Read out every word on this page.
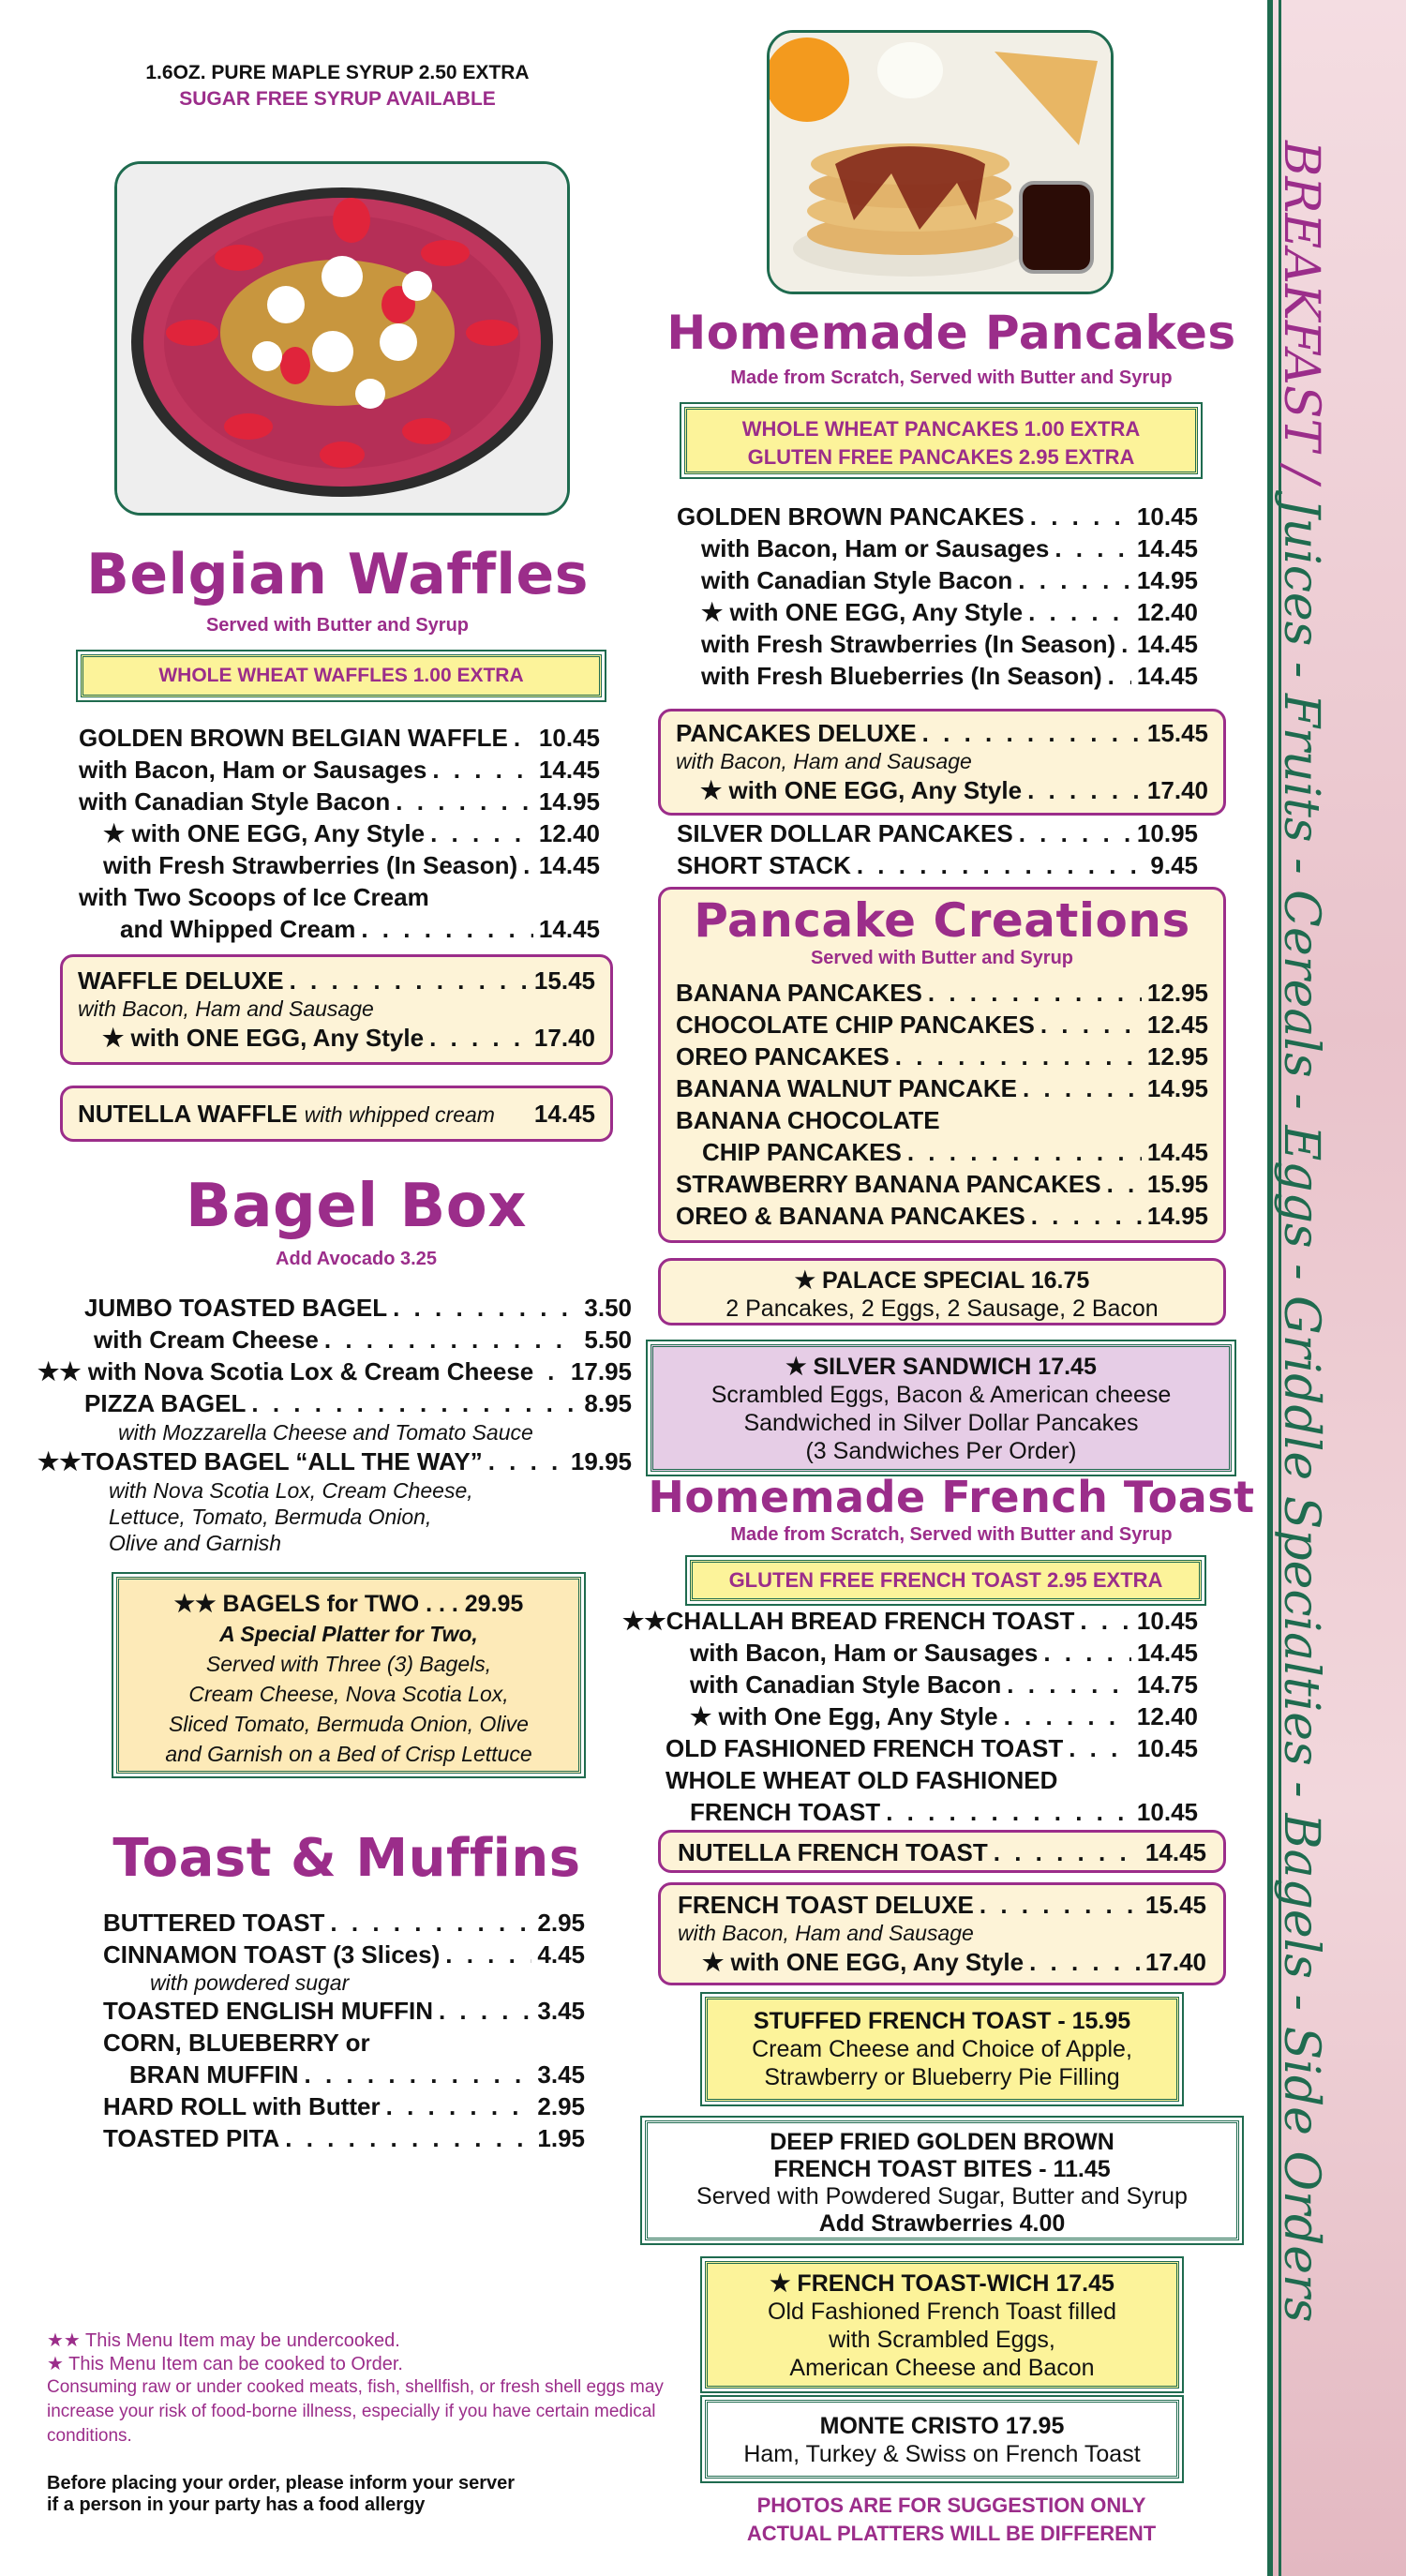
BREAKFAST / Juices - Fruits - Cereals - Eggs - Griddle Specialties - Bagels - Side Orders
1.6OZ. PURE MAPLE SYRUP 2.50 EXTRA
SUGAR FREE SYRUP AVAILABLE
Belgian Waffles
Served with Butter and Syrup
WHOLE WHEAT WAFFLES 1.00 EXTRA
GOLDEN BROWN BELGIAN WAFFLE . . . 10.45
with Bacon, Ham or Sausages . . .	14.45
with Canadian Style Bacon . . .	14.95
★ with ONE EGG, Any Style . . .	12.40
with Fresh Strawberries (In Season) . . . 14.45
with Two Scoops of Ice Cream
and Whipped Cream . . .	14.45
WAFFLE DELUXE . . .	15.45
with Bacon, Ham and Sausage
★ with ONE EGG, Any Style . . .	17.40
NUTELLA WAFFLE with whipped cream 14.45
Bagel Box
Add Avocado 3.25
JUMBO TOASTED BAGEL . . .	3.50
with Cream Cheese . . .	5.50
★★ with Nova Scotia Lox & Cream Cheese . . . 17.95
PIZZA BAGEL . . .	8.95
with Mozzarella Cheese and Tomato Sauce
★★TOASTED BAGEL “ALL THE WAY” . . .	19.95
with Nova Scotia Lox, Cream Cheese,
Lettuce, Tomato, Bermuda Onion,
Olive and Garnish
★★ BAGELS for TWO . . . 29.95
A Special Platter for Two,
Served with Three (3) Bagels,
Cream Cheese, Nova Scotia Lox,
Sliced Tomato, Bermuda Onion, Olive
and Garnish on a Bed of Crisp Lettuce
Toast & Muffins
BUTTERED TOAST . . .	2.95
CINNAMON TOAST (3 Slices) . . .	4.45
with powdered sugar
TOASTED ENGLISH MUFFIN . . .	3.45
CORN, BLUEBERRY or
BRAN MUFFIN . . .	3.45
HARD ROLL with Butter . . .	2.95
TOASTED PITA . . .	1.95
★★ This Menu Item may be undercooked.
★ This Menu Item can be cooked to Order.
Consuming raw or under cooked meats, fish, shellfish, or fresh shell eggs may increase your risk of food-borne illness, especially if you have certain medical conditions.
Before placing your order, please inform your server
if a person in your party has a food allergy
Homemade Pancakes
Made from Scratch, Served with Butter and Syrup
WHOLE WHEAT PANCAKES 1.00 EXTRA
GLUTEN FREE PANCAKES 2.95 EXTRA
GOLDEN BROWN PANCAKES . . .	10.45
with Bacon, Ham or Sausages . . .	14.45
with Canadian Style Bacon . . .	14.95
★ with ONE EGG, Any Style . . .	12.40
with Fresh Strawberries (In Season) . . . 14.45
with Fresh Blueberries (In Season) . . . 14.45
PANCAKES DELUXE . . .	15.45
with Bacon, Ham and Sausage
★ with ONE EGG, Any Style . . .	17.40
SILVER DOLLAR PANCAKES . . .	10.95
SHORT STACK . . .	9.45
Pancake Creations
Served with Butter and Syrup
BANANA PANCAKES . . .	12.95
CHOCOLATE CHIP PANCAKES . . .	12.45
OREO PANCAKES . . .	12.95
BANANA WALNUT PANCAKE . . .	14.95
BANANA CHOCOLATE
CHIP PANCAKES . . .	14.45
STRAWBERRY BANANA PANCAKES . . . 15.95
OREO & BANANA PANCAKES . . .	14.95
★ PALACE SPECIAL 16.75
2 Pancakes, 2 Eggs, 2 Sausage, 2 Bacon
★ SILVER SANDWICH 17.45
Scrambled Eggs, Bacon & American cheese
Sandwiched in Silver Dollar Pancakes
(3 Sandwiches Per Order)
Homemade French Toast
Made from Scratch, Served with Butter and Syrup
GLUTEN FREE FRENCH TOAST 2.95 EXTRA
★★CHALLAH BREAD FRENCH TOAST . . .	10.45
with Bacon, Ham or Sausages . . .	14.45
with Canadian Style Bacon . . .	14.75
★ with One Egg, Any Style . . .	12.40
OLD FASHIONED FRENCH TOAST . . .	10.45
WHOLE WHEAT OLD FASHIONED
FRENCH TOAST . . .	10.45
NUTELLA FRENCH TOAST . . .	14.45
FRENCH TOAST DELUXE . . .	15.45
with Bacon, Ham and Sausage
★ with ONE EGG, Any Style . . .	17.40
STUFFED FRENCH TOAST - 15.95
Cream Cheese and Choice of Apple,
Strawberry or Blueberry Pie Filling
DEEP FRIED GOLDEN BROWN
FRENCH TOAST BITES - 11.45
Served with Powdered Sugar, Butter and Syrup
Add Strawberries 4.00
★ FRENCH TOAST-WICH 17.45
Old Fashioned French Toast filled
with Scrambled Eggs,
American Cheese and Bacon
MONTE CRISTO 17.95
Ham, Turkey & Swiss on French Toast
PHOTOS ARE FOR SUGGESTION ONLY
ACTUAL PLATTERS WILL BE DIFFERENT
